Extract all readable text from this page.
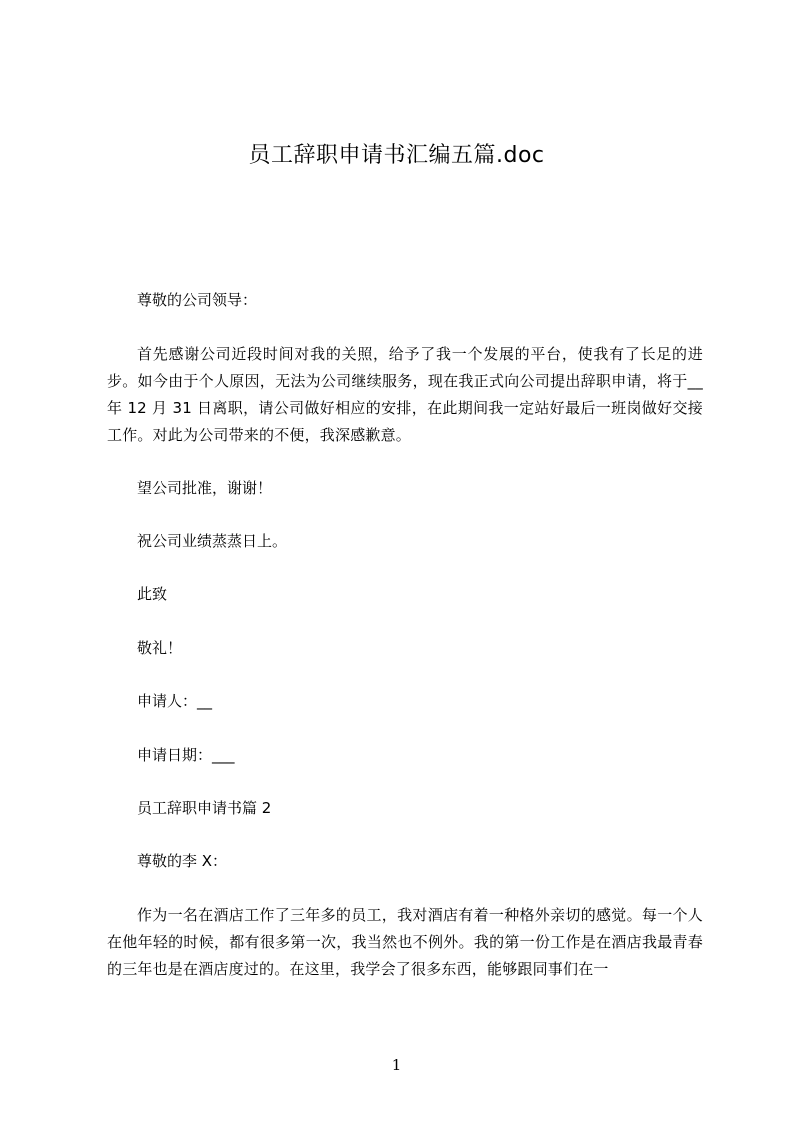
员工辞职申请书汇编五篇.doc

尊敬的公司领导：

首先感谢公司近段时间对我的关照，给予了我一个发展的平台，使我有了长足的进步。如今由于个人原因，无法为公司继续服务，现在我正式向公司提出辞职申请，将于__年 12 月 31 日离职，请公司做好相应的安排，在此期间我一定站好最后一班岗做好交接工作。对此为公司带来的不便，我深感歉意。

望公司批准，谢谢！

祝公司业绩蒸蒸日上。

此致

敬礼！

申请人：__

申请日期：___

员工辞职申请书篇 2

尊敬的李 X：

作为一名在酒店工作了三年多的员工，我对酒店有着一种格外亲切的感觉。每一个人在他年轻的时候，都有很多第一次，我当然也不例外。我的第一份工作是在酒店我最青春的三年也是在酒店度过的。在这里，我学会了很多东西，能够跟同事们在一

1
